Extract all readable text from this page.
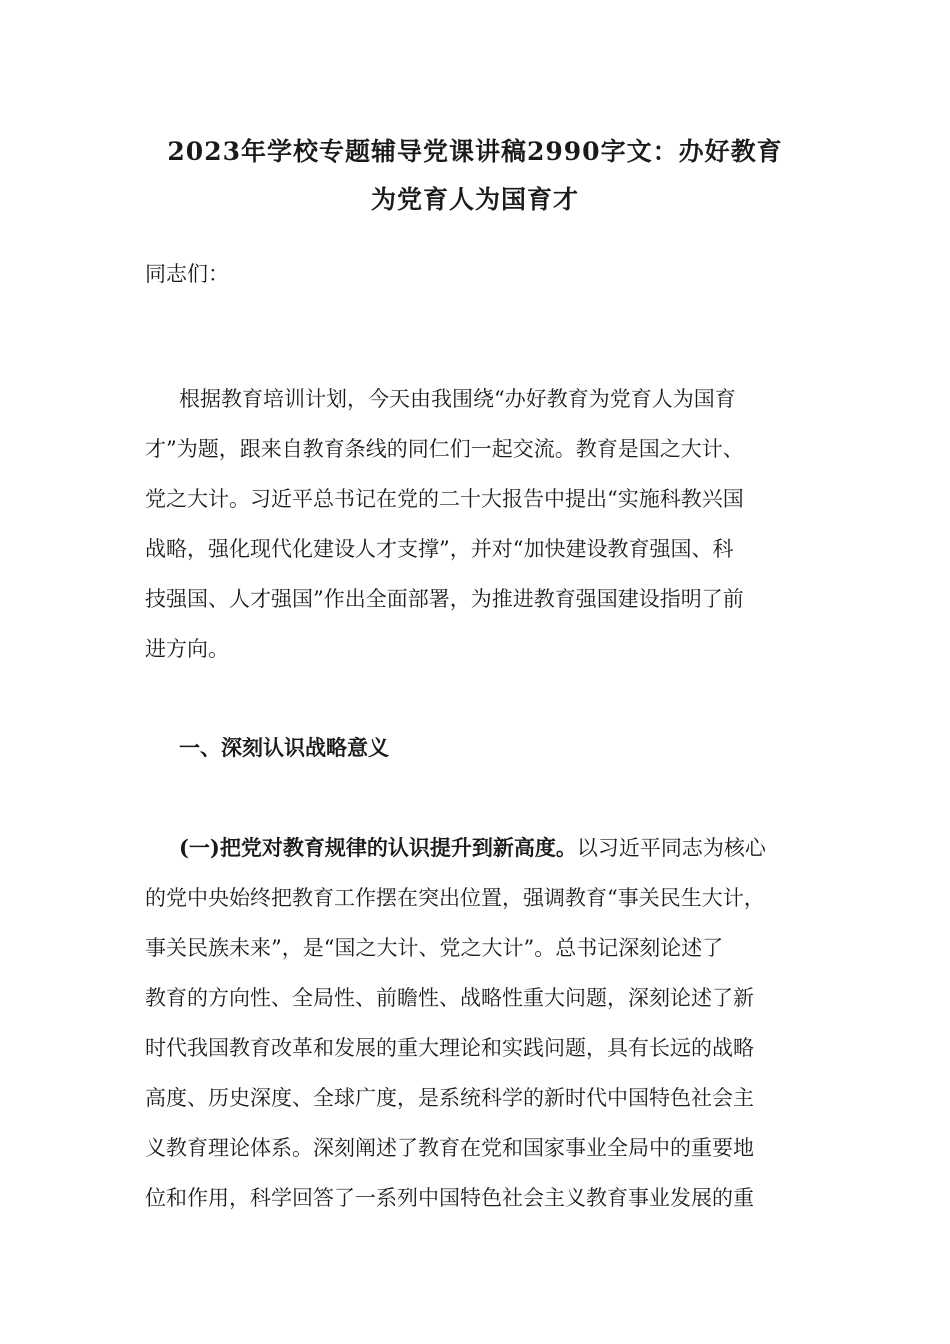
2023年学校专题辅导党课讲稿2990字文：办好教育
为党育人为国育才
同志们：
根据教育培训计划，今天由我围绕“办好教育为党育人为国育
才”为题，跟来自教育条线的同仁们一起交流。教育是国之大计、
党之大计。习近平总书记在党的二十大报告中提出“实施科教兴国
战略，强化现代化建设人才支撑”，并对“加快建设教育强国、科
技强国、人才强国”作出全面部署，为推进教育强国建设指明了前
进方向。
一、深刻认识战略意义
(一)把党对教育规律的认识提升到新高度。以习近平同志为核心
的党中央始终把教育工作摆在突出位置，强调教育“事关民生大计，
事关民族未来”，是“国之大计、党之大计”。总书记深刻论述了
教育的方向性、全局性、前瞻性、战略性重大问题，深刻论述了新
时代我国教育改革和发展的重大理论和实践问题，具有长远的战略
高度、历史深度、全球广度，是系统科学的新时代中国特色社会主
义教育理论体系。深刻阐述了教育在党和国家事业全局中的重要地
位和作用，科学回答了一系列中国特色社会主义教育事业发展的重
